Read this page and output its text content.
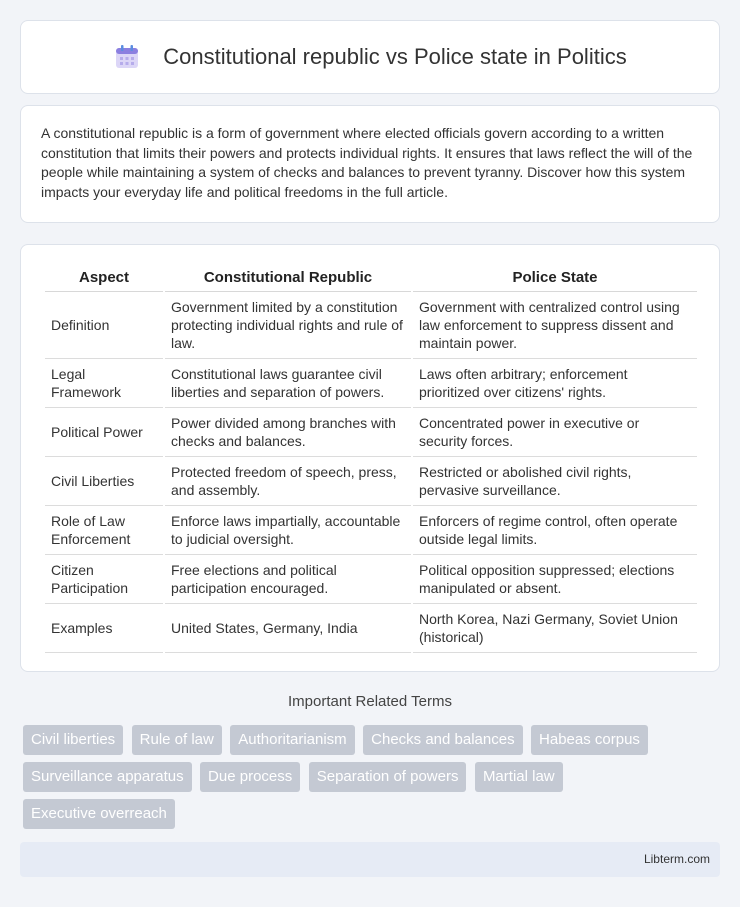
Constitutional republic vs Police state in Politics

A constitutional republic is a form of government where elected officials govern according to a written constitution that limits their powers and protects individual rights. It ensures that laws reflect the will of the people while maintaining a system of checks and balances to prevent tyranny. Discover how this system impacts your everyday life and political freedoms in the full article.

Aspect	Constitutional Republic	Police State
Definition	Government limited by a constitution protecting individual rights and rule of law.	Government with centralized control using law enforcement to suppress dissent and maintain power.
Legal Framework	Constitutional laws guarantee civil liberties and separation of powers.	Laws often arbitrary; enforcement prioritized over citizens' rights.
Political Power	Power divided among branches with checks and balances.	Concentrated power in executive or security forces.
Civil Liberties	Protected freedom of speech, press, and assembly.	Restricted or abolished civil rights, pervasive surveillance.
Role of Law Enforcement	Enforce laws impartially, accountable to judicial oversight.	Enforcers of regime control, often operate outside legal limits.
Citizen Participation	Free elections and political participation encouraged.	Political opposition suppressed; elections manipulated or absent.
Examples	United States, Germany, India	North Korea, Nazi Germany, Soviet Union (historical)
Important Related Terms
Civil liberties Rule of law Authoritarianism Checks and balances Habeas corpus Surveillance apparatus Due process Separation of powers Martial law Executive overreach
Libterm.com
